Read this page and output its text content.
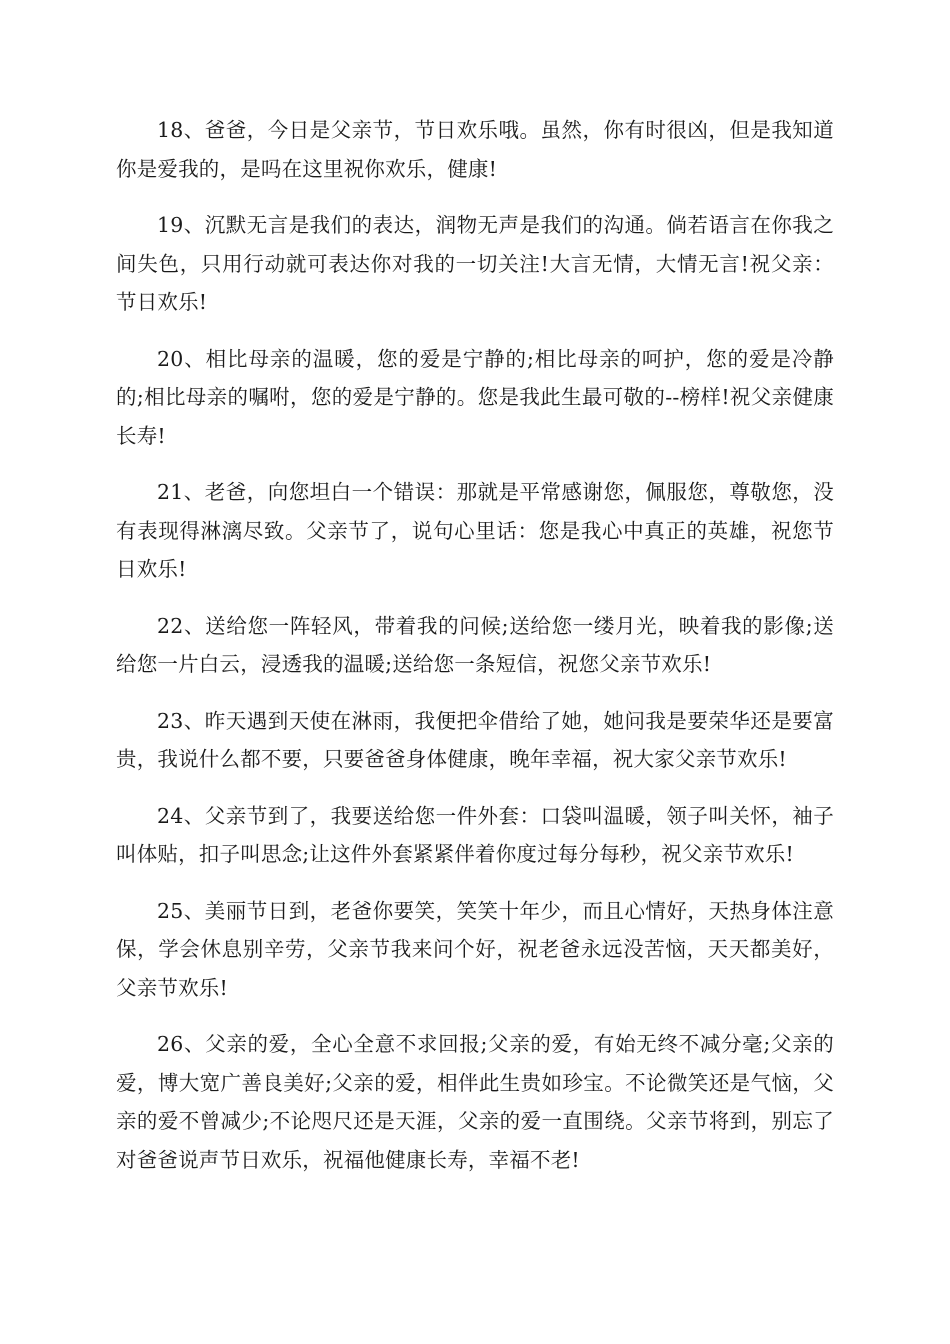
18、爸爸，今日是父亲节，节日欢乐哦。虽然，你有时很凶，但是我知道你是爱我的，是吗在这里祝你欢乐，健康!

19、沉默无言是我们的表达，润物无声是我们的沟通。倘若语言在你我之间失色，只用行动就可表达你对我的一切关注!大言无情，大情无言!祝父亲：节日欢乐!

20、相比母亲的温暖，您的爱是宁静的;相比母亲的呵护，您的爱是冷静的;相比母亲的嘱咐，您的爱是宁静的。您是我此生最可敬的--榜样!祝父亲健康长寿!

21、老爸，向您坦白一个错误：那就是平常感谢您，佩服您，尊敬您，没有表现得淋漓尽致。父亲节了，说句心里话：您是我心中真正的英雄，祝您节日欢乐!

22、送给您一阵轻风，带着我的问候;送给您一缕月光，映着我的影像;送给您一片白云，浸透我的温暖;送给您一条短信，祝您父亲节欢乐!

23、昨天遇到天使在淋雨，我便把伞借给了她，她问我是要荣华还是要富贵，我说什么都不要，只要爸爸身体健康，晚年幸福，祝大家父亲节欢乐!

24、父亲节到了，我要送给您一件外套：口袋叫温暖，领子叫关怀，袖子叫体贴，扣子叫思念;让这件外套紧紧伴着你度过每分每秒，祝父亲节欢乐!

25、美丽节日到，老爸你要笑，笑笑十年少，而且心情好，天热身体注意保，学会休息别辛劳，父亲节我来问个好，祝老爸永远没苦恼，天天都美好，父亲节欢乐!

26、父亲的爱，全心全意不求回报;父亲的爱，有始无终不减分毫;父亲的爱，博大宽广善良美好;父亲的爱，相伴此生贵如珍宝。不论微笑还是气恼，父亲的爱不曾减少;不论咫尺还是天涯，父亲的爱一直围绕。父亲节将到，别忘了对爸爸说声节日欢乐，祝福他健康长寿，幸福不老!
